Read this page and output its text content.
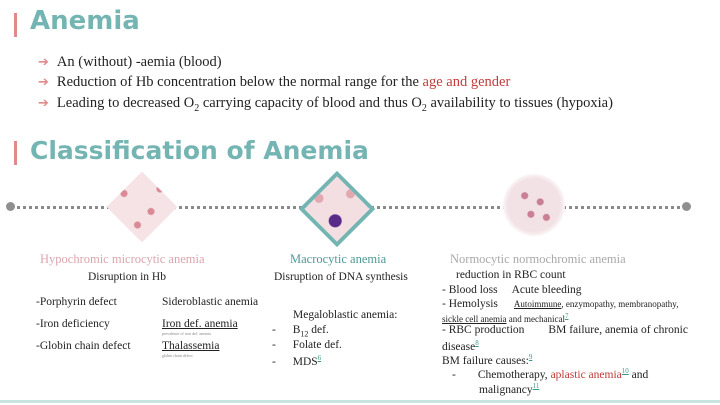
Anemia
➔ An (without) -aemia (blood)
➔ Reduction of Hb concentration below the normal range for the age and gender
➔ Leading to decreased $O_2$ carrying capacity of blood and thus $O_2$ availability to tissues (hypoxia)
Classification of Anemia
Hypochromic microcytic anemia
Disruption in Hb
-Porphyrin defect	Sideroblastic anemia
-Iron deficiency	Iron def. anemia
prevalence of iron def. anemia
-Globin chain defect	Thalassemia
globin chain defect
Macrocytic anemia
Disruption of DNA synthesis
Megaloblastic anemia:
- $B_{12}$ def.
- Folate def.
- MDS$^6$
Normocytic normochromic anemia
reduction in RBC count
- Blood loss Acute bleeding
- Hemolysis Autoimmune, enzymopathy, membranopathy,
sickle cell anemia and mechanical$^7$
- RBC production BM failure, anemia of chronic
disease$^8$
BM failure causes:$^9$
- Chemotherapy, aplastic anemia$^{10}$ and
malignancy$^{11}$
